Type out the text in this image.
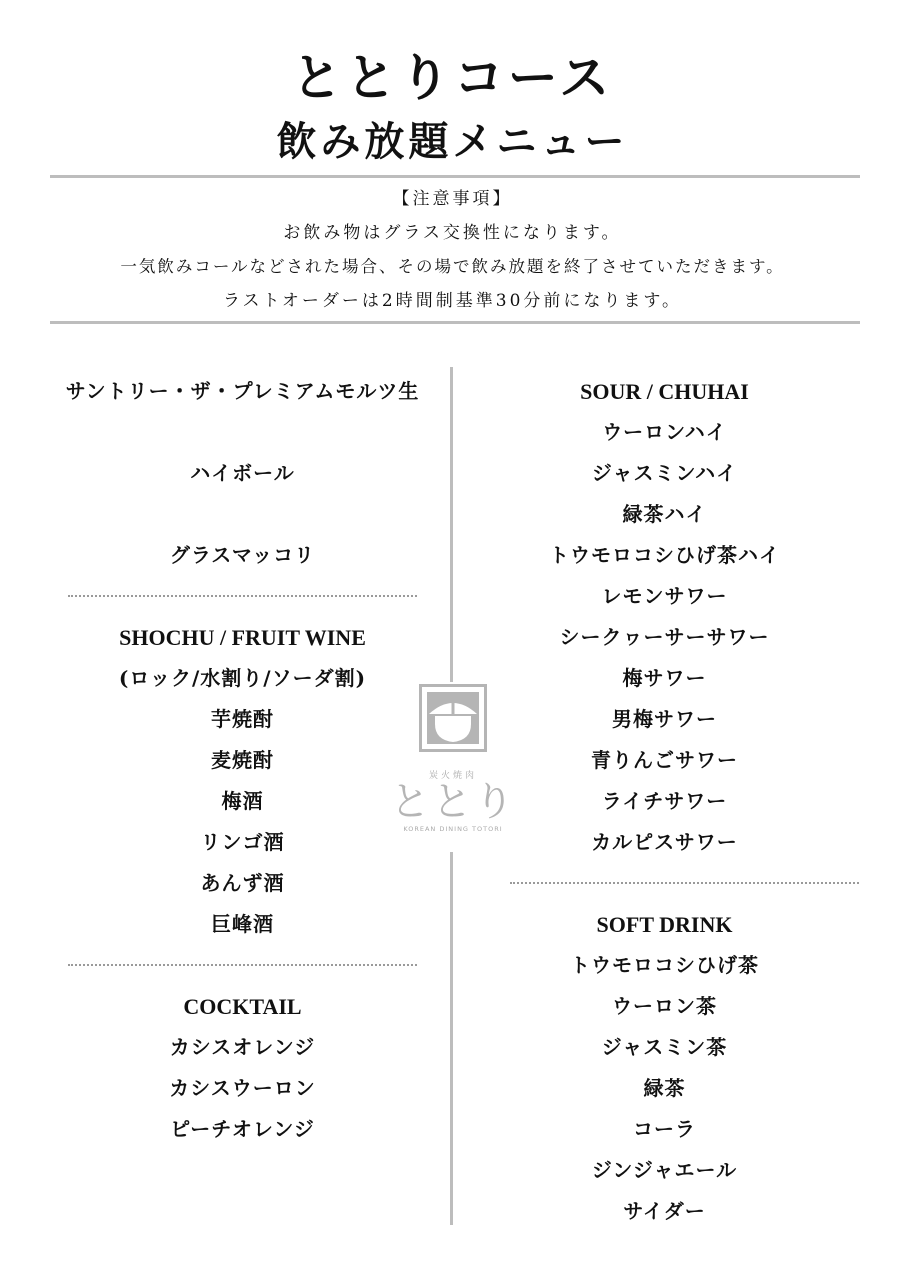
ととりコース
飲み放題メニュー
【注意事項】
お飲み物はグラス交換性になります。
一気飲みコールなどされた場合、その場で飲み放題を終了させていただきます。
ラストオーダーは2時間制基準30分前になります。
サントリー・ザ・プレミアムモルツ生
ハイボール
グラスマッコリ
SHOCHU / FRUIT WINE
(ロック/水割り/ソーダ割)
芋焼酎
麦焼酎
梅酒
リンゴ酒
あんず酒
巨峰酒
COCKTAIL
カシスオレンジ
カシスウーロン
ピーチオレンジ
SOUR / CHUHAI
ウーロンハイ
ジャスミンハイ
緑茶ハイ
トウモロコシひげ茶ハイ
レモンサワー
シークヮーサーサワー
梅サワー
男梅サワー
青りんごサワー
ライチサワー
カルピスサワー
SOFT DRINK
トウモロコシひげ茶
ウーロン茶
ジャスミン茶
緑茶
コーラ
ジンジャエール
サイダー
炭火焼肉
ととり
KOREAN DINING TOTORI
